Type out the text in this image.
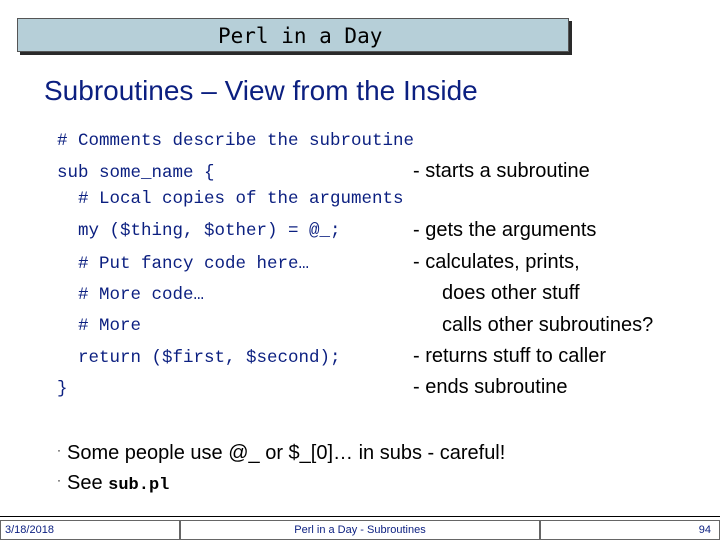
Perl in a Day
Subroutines – View from the Inside
# Comments describe the subroutine
sub some_name {
# Local copies of the arguments
my ($thing, $other) = @_;
# Put fancy code here…
# More code…
# More
return ($first, $second);
}
- starts a subroutine
- gets the arguments
- calculates, prints,
does other stuff
calls other subroutines?
- returns stuff to caller
- ends subroutine
· Some people use @_ or $_[0]… in subs - careful!
· See sub.pl
3/18/2018	Perl in a Day - Subroutines	94
